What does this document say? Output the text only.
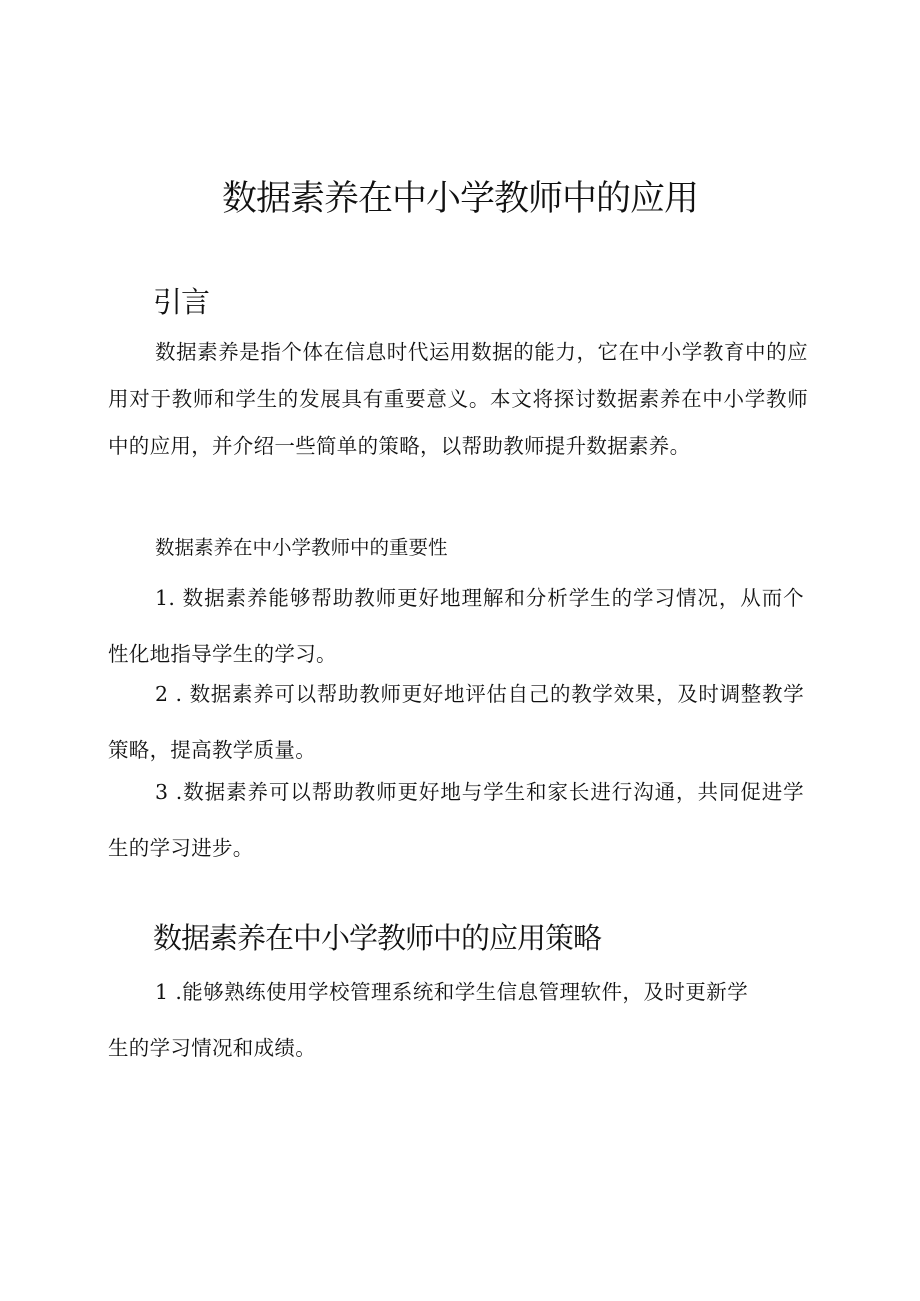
数据素养在中小学教师中的应用
引言

数据素养是指个体在信息时代运用数据的能力，它在中小学教育中的应用对于教师和学生的发展具有重要意义。本文将探讨数据素养在中小学教师中的应用，并介绍一些简单的策略，以帮助教师提升数据素养。

数据素养在中小学教师中的重要性

1. 数据素养能够帮助教师更好地理解和分析学生的学习情况，从而个性化地指导学生的学习。

2 . 数据素养可以帮助教师更好地评估自己的教学效果，及时调整教学策略，提高教学质量。

3 .数据素养可以帮助教师更好地与学生和家长进行沟通，共同促进学生的学习进步。

数据素养在中小学教师中的应用策略

1 .能够熟练使用学校管理系统和学生信息管理软件，及时更新学生的学习情况和成绩。
